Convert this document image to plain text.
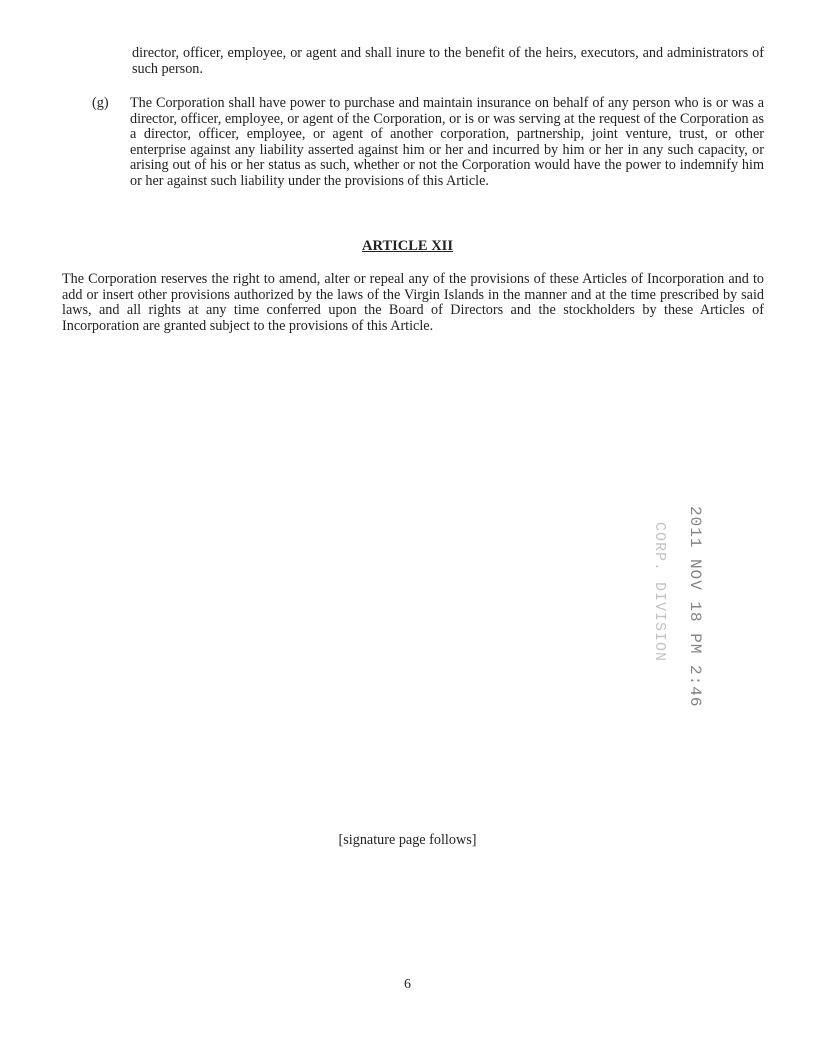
director, officer, employee, or agent and shall inure to the benefit of the heirs, executors, and administrators of such person.

(g) The Corporation shall have power to purchase and maintain insurance on behalf of any person who is or was a director, officer, employee, or agent of the Corporation, or is or was serving at the request of the Corporation as a director, officer, employee, or agent of another corporation, partnership, joint venture, trust, or other enterprise against any liability asserted against him or her and incurred by him or her in any such capacity, or arising out of his or her status as such, whether or not the Corporation would have the power to indemnify him or her against such liability under the provisions of this Article.

ARTICLE XII

The Corporation reserves the right to amend, alter or repeal any of the provisions of these Articles of Incorporation and to add or insert other provisions authorized by the laws of the Virgin Islands in the manner and at the time prescribed by said laws, and all rights at any time conferred upon the Board of Directors and the stockholders by these Articles of Incorporation are granted subject to the provisions of this Article.

2011 NOV 18 PM 2:46
CORP. DIVISION
[signature page follows]
6
